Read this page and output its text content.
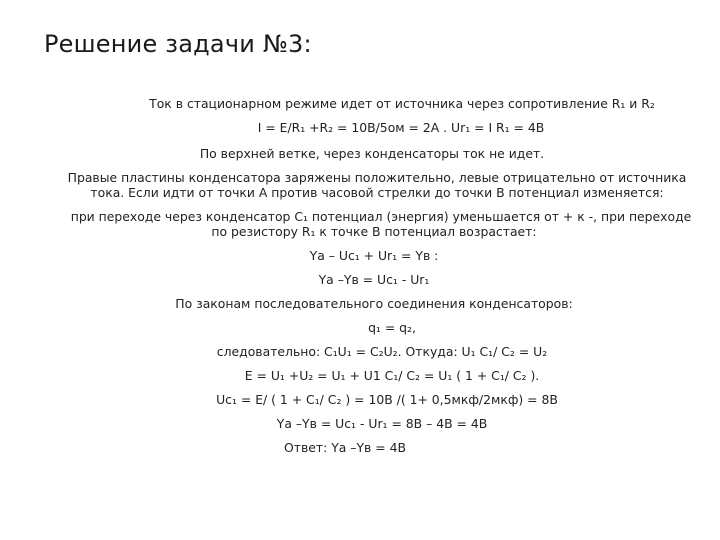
Решение задачи №3:
Ток в стационарном режиме идет от источника через сопротивление R₁ и R₂
I = E/R₁ +R₂ = 10В/5ом = 2А . Ur₁ = I R₁ = 4В
По верхней ветке, через конденсаторы ток не идет.
Правые пластины конденсатора заряжены положительно, левые отрицательно от источника
тока. Если идти от точки А против часовой стрелки до точки В потенциал изменяется:
при переходе через конденсатор С₁ потенциал (энергия) уменьшается от + к -, при переходе
по резистору R₁ к точке В потенциал возрастает:
Υa – Uc₁ + Ur₁ = Υв :
Υa –Υв = Uc₁ - Ur₁
По законам последовательного соединения конденсаторов:
q₁ = q₂,
следовательно: C₁U₁ = C₂U₂. Откуда: U₁ C₁/ C₂ = U₂
E = U₁ +U₂ = U₁ + U1 C₁/ C₂ = U₁ ( 1 + C₁/ C₂ ).
Uc₁ = E/ ( 1 + C₁/ C₂ ) = 10В /( 1+ 0,5мкф/2мкф) = 8В
Υa –Υв = Uc₁ - Ur₁ = 8В – 4В = 4В
Ответ: Υa –Υв = 4В
